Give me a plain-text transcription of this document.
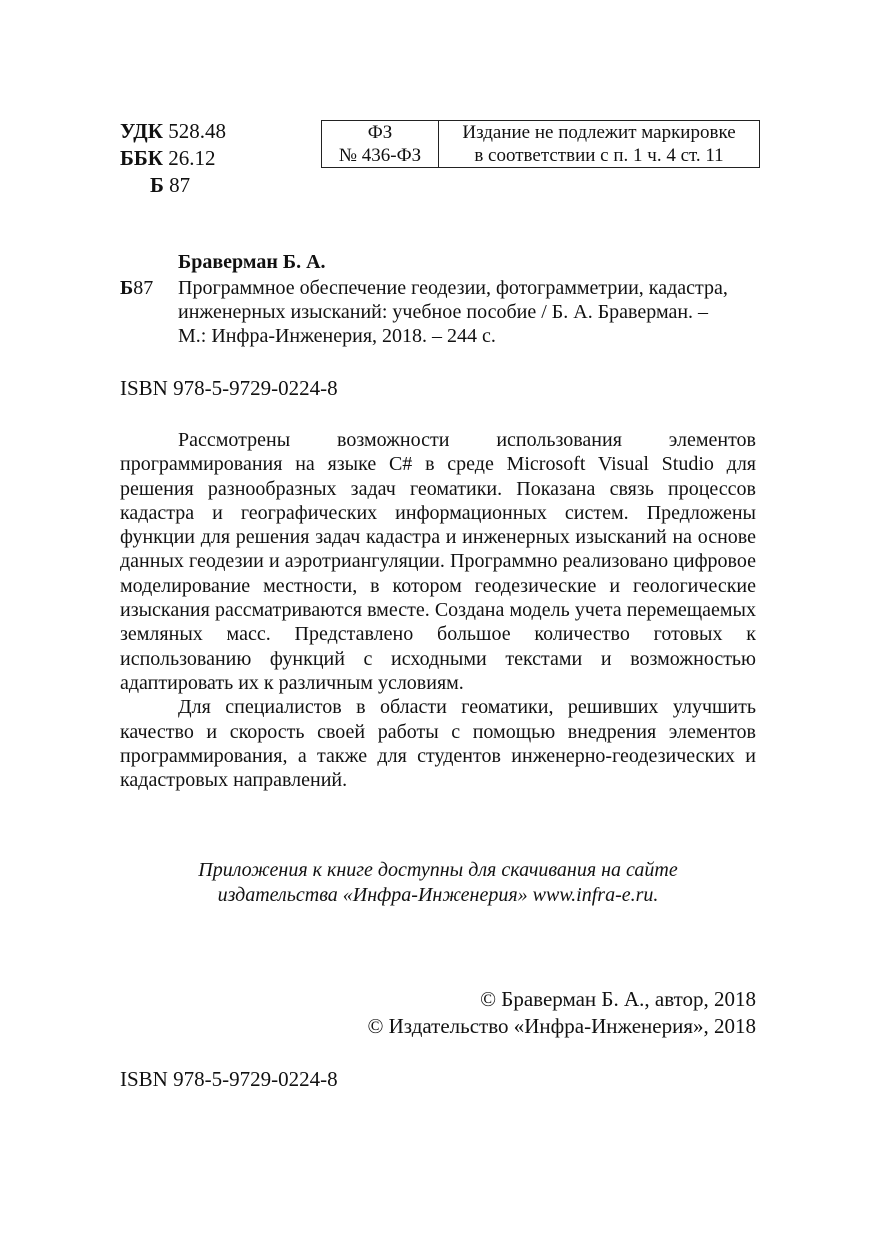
УДК 528.48
ББК 26.12
Б 87
ФЗ
№ 436-ФЗ

Издание не подлежит маркировке
в соответствии с п. 1 ч. 4 ст. 11
Браверман Б. А.
Б87 Программное обеспечение геодезии, фотограмметрии, кадастра,
инженерных изысканий: учебное пособие / Б. А. Браверман. –
М.: Инфра-Инженерия, 2018. – 244 с.
ISBN 978-5-9729-0224-8

Рассмотрены возможности использования элементов программирования на языке С# в среде Microsoft Visual Studio для решения разнообразных задач геоматики. Показана связь процессов кадастра и географических информационных систем. Предложены функции для решения задач кадастра и инженерных изысканий на основе данных геодезии и аэротриангуляции. Программно реализовано цифровое моделирование местности, в котором геодезические и геологические изыскания рассматриваются вместе. Создана модель учета перемещаемых земляных масс. Представлено большое количество готовых к использованию функций с исходными текстами и возможностью адаптировать их к различным условиям.

Для специалистов в области геоматики, решивших улучшить качество и скорость своей работы с помощью внедрения элементов программирования, а также для студентов инженерно-геодезических и кадастровых направлений.

Приложения к книге доступны для скачивания на сайте
издательства «Инфра-Инженерия» www.infra-e.ru.
© Браверман Б. А., автор, 2018
© Издательство «Инфра-Инженерия», 2018
ISBN 978-5-9729-0224-8
